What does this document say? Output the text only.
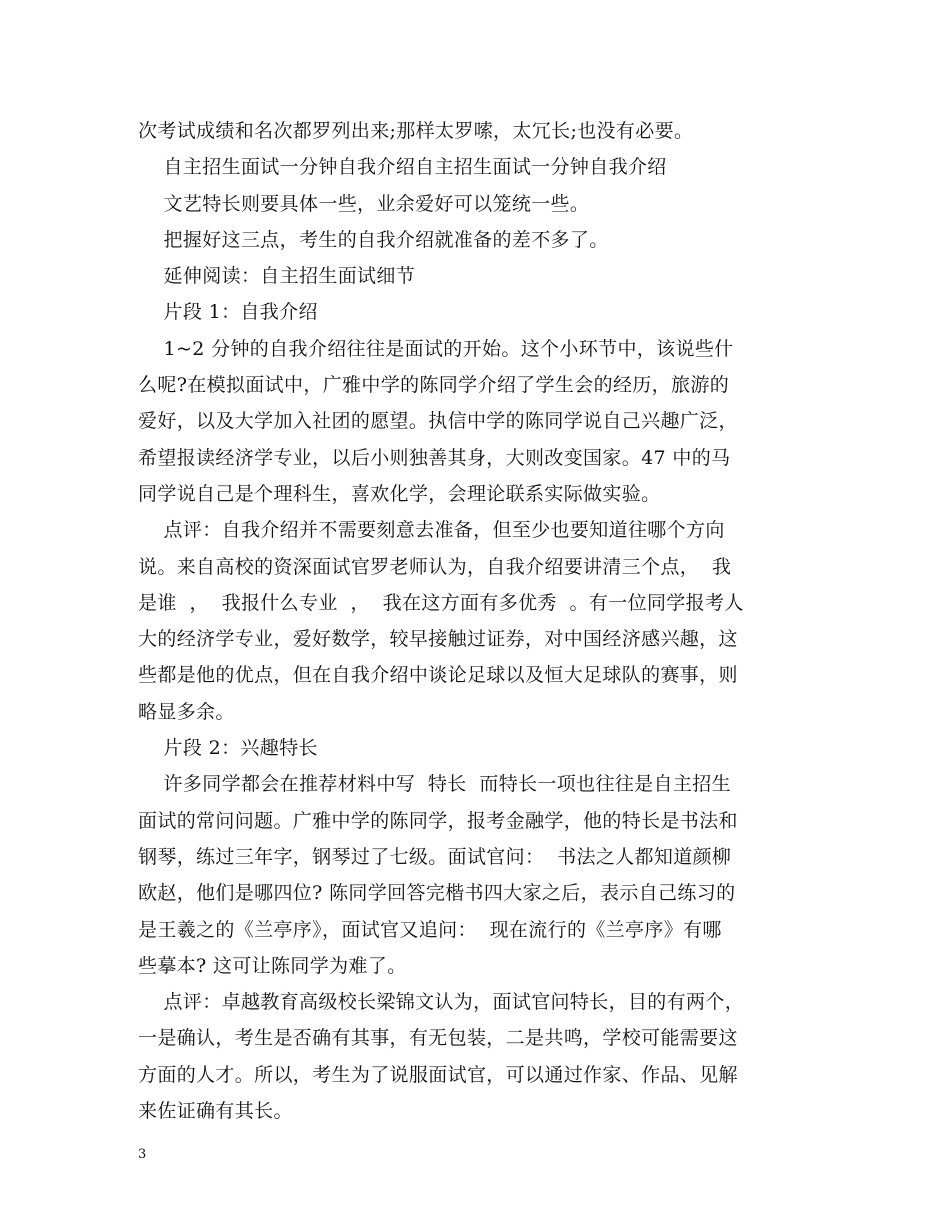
次考试成绩和名次都罗列出来;那样太罗嗦，太冗长;也没有必要。
自主招生面试一分钟自我介绍自主招生面试一分钟自我介绍
文艺特长则要具体一些，业余爱好可以笼统一些。
把握好这三点，考生的自我介绍就准备的差不多了。
延伸阅读：自主招生面试细节
片段 1：自我介绍
1~2 分钟的自我介绍往往是面试的开始。这个小环节中，该说些什
么呢?在模拟面试中，广雅中学的陈同学介绍了学生会的经历，旅游的
爱好，以及大学加入社团的愿望。执信中学的陈同学说自己兴趣广泛，
希望报读经济学专业，以后小则独善其身，大则改变国家。47 中的马
同学说自己是个理科生，喜欢化学，会理论联系实际做实验。
点评：自我介绍并不需要刻意去准备，但至少也要知道往哪个方向
说。来自高校的资深面试官罗老师认为，自我介绍要讲清三个点，  我
是谁  ，  我报什么专业  ，  我在这方面有多优秀  。有一位同学报考人
大的经济学专业，爱好数学，较早接触过证券，对中国经济感兴趣，这
些都是他的优点，但在自我介绍中谈论足球以及恒大足球队的赛事，则
略显多余。
片段 2：兴趣特长
许多同学都会在推荐材料中写  特长  而特长一项也往往是自主招生
面试的常问问题。广雅中学的陈同学，报考金融学，他的特长是书法和
钢琴，练过三年字，钢琴过了七级。面试官问：  书法之人都知道颜柳
欧赵，他们是哪四位? 陈同学回答完楷书四大家之后，表示自己练习的
是王羲之的《兰亭序》，面试官又追问：  现在流行的《兰亭序》有哪
些摹本? 这可让陈同学为难了。
点评：卓越教育高级校长梁锦文认为，面试官问特长，目的有两个，
一是确认，考生是否确有其事，有无包装，二是共鸣，学校可能需要这
方面的人才。所以，考生为了说服面试官，可以通过作家、作品、见解
来佐证确有其长。
3
